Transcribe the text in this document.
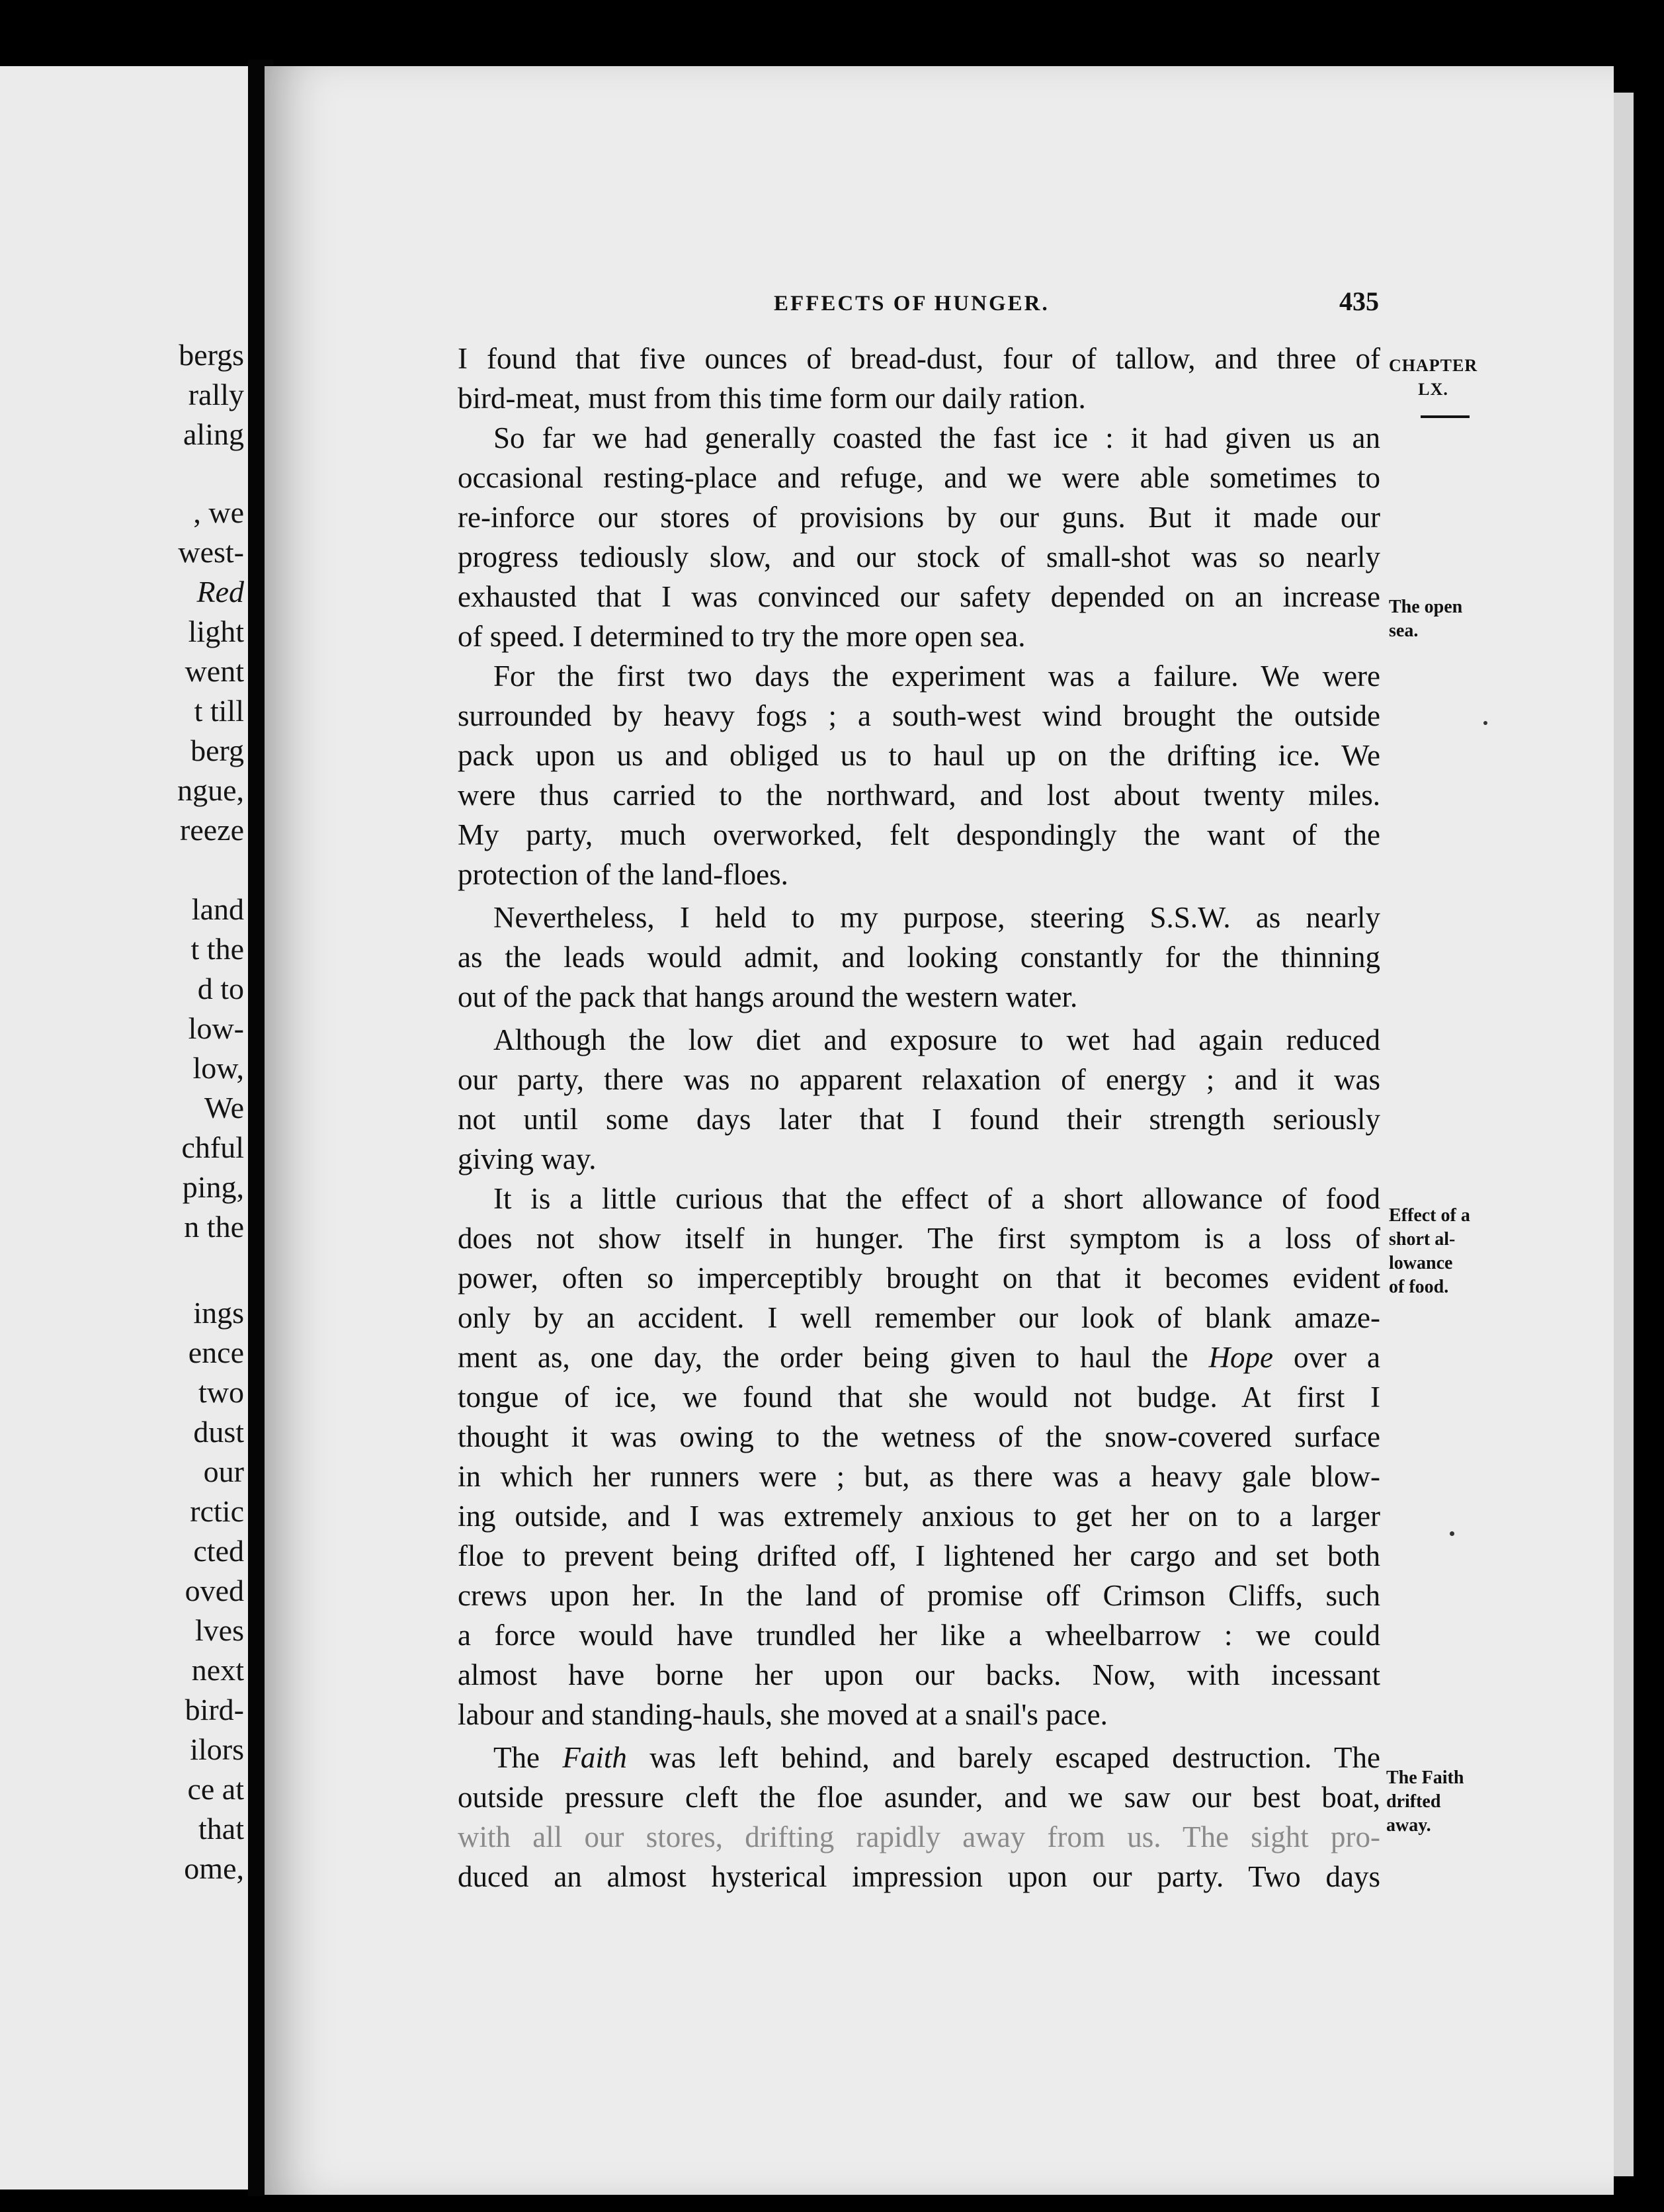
bergs
rally
aling
, we
west-
Red
light
went
t till
berg
ngue,
reeze
land
t the
d to
low-
low,
We
chful
ping,
n the
ings
ence
two
dust
our
rctic
cted
oved
lves
next
bird-
ilors
ce at
that
ome,
EFFECTS OF HUNGER.	435
I found that five ounces of bread-dust, four of tallow, and three of
bird-meat, must from this time form our daily ration.
So far we had generally coasted the fast ice : it had given us an
occasional resting-place and refuge, and we were able sometimes to
re-inforce our stores of provisions by our guns. But it made our
progress tediously slow, and our stock of small-shot was so nearly
exhausted that I was convinced our safety depended on an increase
of speed. I determined to try the more open sea.
For the first two days the experiment was a failure. We were
surrounded by heavy fogs ; a south-west wind brought the outside
pack upon us and obliged us to haul up on the drifting ice. We
were thus carried to the northward, and lost about twenty miles.
My party, much overworked, felt despondingly the want of the
protection of the land-floes.
Nevertheless, I held to my purpose, steering S.S.W. as nearly
as the leads would admit, and looking constantly for the thinning
out of the pack that hangs around the western water.
Although the low diet and exposure to wet had again reduced
our party, there was no apparent relaxation of energy ; and it was
not until some days later that I found their strength seriously
giving way.
It is a little curious that the effect of a short allowance of food
does not show itself in hunger. The first symptom is a loss of
power, often so imperceptibly brought on that it becomes evident
only by an accident. I well remember our look of blank amaze-
ment as, one day, the order being given to haul the Hope over a
tongue of ice, we found that she would not budge. At first I
thought it was owing to the wetness of the snow-covered surface
in which her runners were ; but, as there was a heavy gale blow-
ing outside, and I was extremely anxious to get her on to a larger
floe to prevent being drifted off, I lightened her cargo and set both
crews upon her. In the land of promise off Crimson Cliffs, such
a force would have trundled her like a wheelbarrow : we could
almost have borne her upon our backs. Now, with incessant
labour and standing-hauls, she moved at a snail's pace.
The Faith was left behind, and barely escaped destruction. The
outside pressure cleft the floe asunder, and we saw our best boat,
with all our stores, drifting rapidly away from us. The sight pro-
duced an almost hysterical impression upon our party. Two days
CHAPTER
LX.
The open
sea.
Effect of a
short al-
lowance
of food.
The Faith
drifted
away.
